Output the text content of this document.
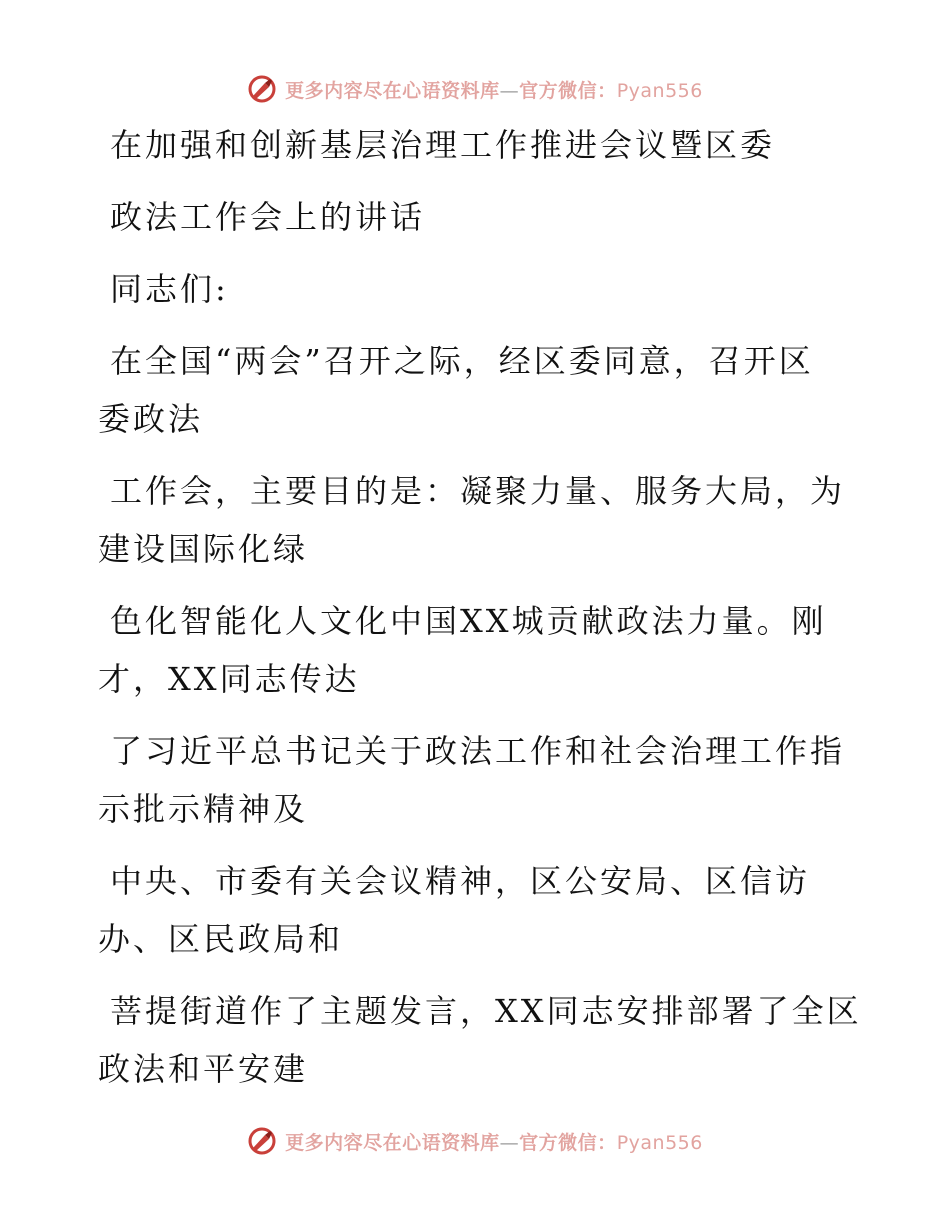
更多内容尽在心语资料库—官方微信：Pyan556

在加强和创新基层治理工作推进会议暨区委

政法工作会上的讲话

同志们:

在全国“两会”召开之际，经区委同意，召开区

委政法

工作会，主要目的是：凝聚力量、服务大局，为

建设国际化绿

色化智能化人文化中国XX城贡献政法力量。刚

才，XX同志传达

了习近平总书记关于政法工作和社会治理工作指

示批示精神及

中央、市委有关会议精神，区公安局、区信访

办、区民政局和

菩提街道作了主题发言，XX同志安排部署了全区

政法和平安建

更多内容尽在心语资料库—官方微信：Pyan556
